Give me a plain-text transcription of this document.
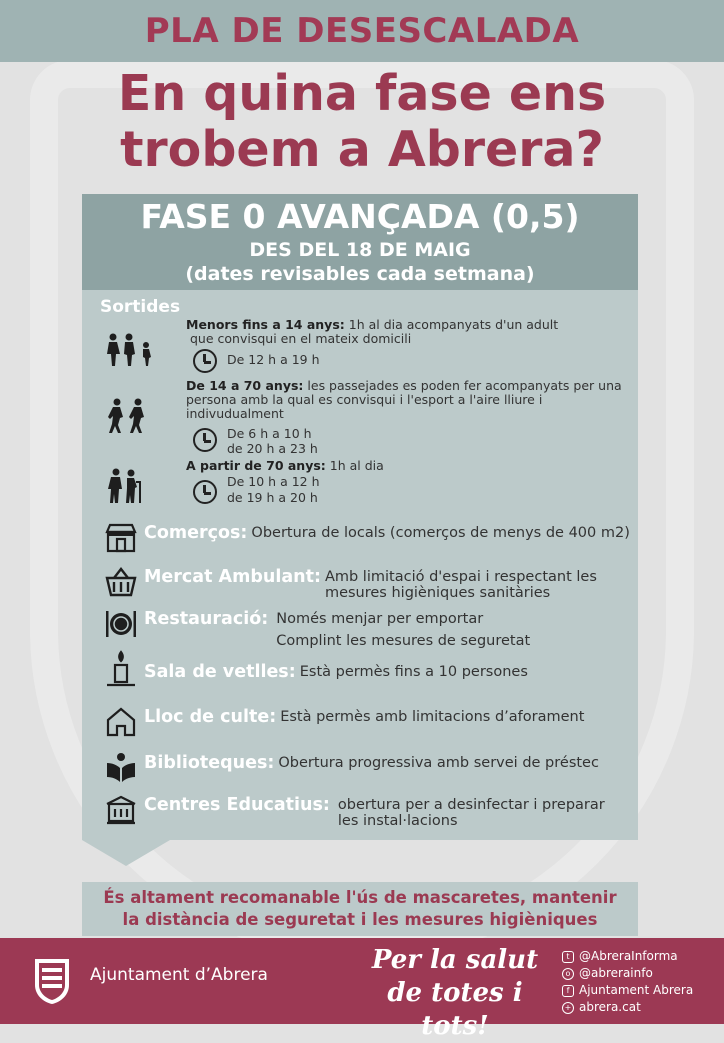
PLA DE DESESCALADA
En quina fase ens
trobem a Abrera?
FASE 0 AVANÇADA (0,5)
DES DEL 18 DE MAIG
(dates revisables cada setmana)
Sortides
Menors fins a 14 anys: 1h al dia acompanyats d'un adult
que convisqui en el mateix domicili
De 12 h a 19 h
De 14 a 70 anys: les passejades es poden fer acompanyats per una
persona amb la qual es convisqui i l'esport a l'aire lliure i
indivudualment
De 6 h a 10 h
de 20 h a 23 h
A partir de 70 anys: 1h al dia
De 10 h a 12 h
de 19 h a 20 h
Comerços: Obertura de locals (comerços de menys de 400 m2)
Mercat Ambulant: Amb limitació d'espai i respectant les
mesures higièniques sanitàries
Restauració: Només menjar per emportar
Complint les mesures de seguretat
Sala de vetlles: Està permès fins a 10 persones
Lloc de culte: Està permès amb limitacions d’aforament
Biblioteques: Obertura progressiva amb servei de préstec
Centres Educatius: obertura per a desinfectar i preparar
les instal·lacions
És altament recomanable l'ús de mascaretes, mantenir
la distància de seguretat i les mesures higièniques
Ajuntament d’Abrera	Per la salut
de totes i tots!
t @AbreraInforma
o @abrerainfo
f Ajuntament Abrera
+ abrera.cat
